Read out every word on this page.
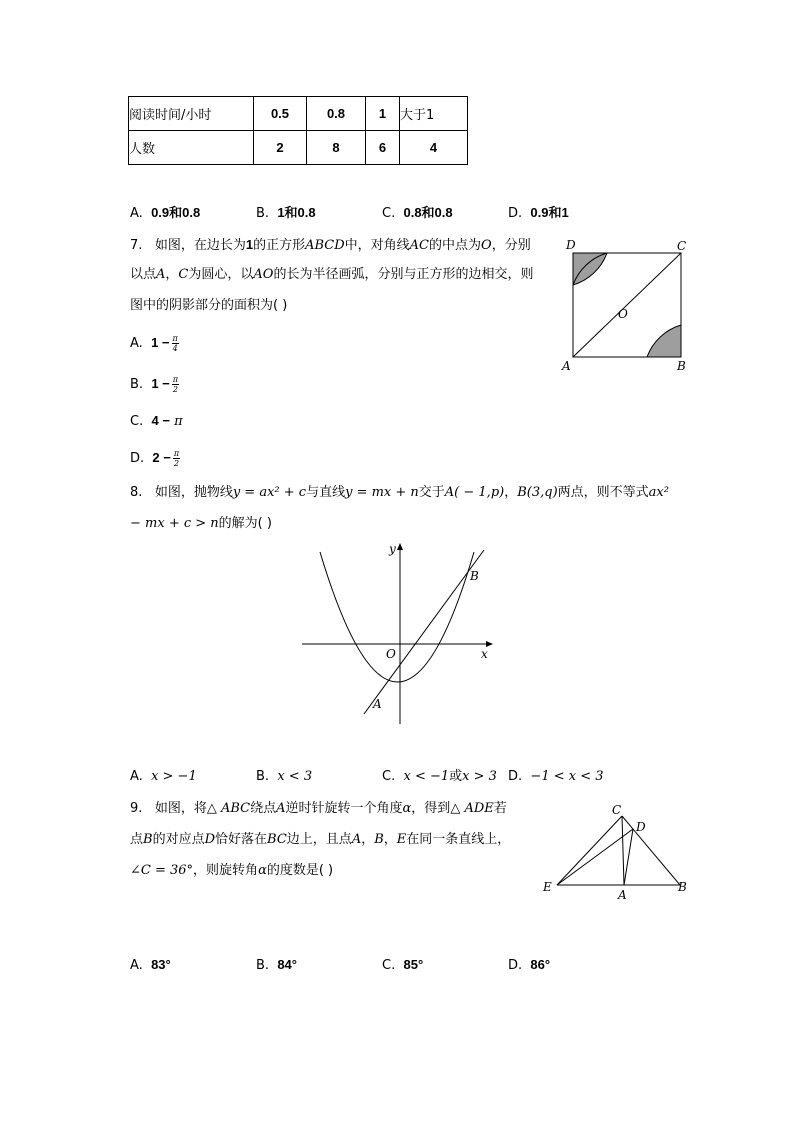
阅读时间/小时	0.5	0.8	1	大于1
人数	2	8	6	4
A. 0.9和0.8	B. 1和0.8	C. 0.8和0.8	D. 0.9和1
7. 如图，在边长为1的正方形ABCD中，对角线AC的中点为O，分别
以点A，C为圆心，以AO的长为半径画弧，分别与正方形的边相交，则
图中的阴影部分的面积为( )
A. $1 - \frac{\pi}{4}$
B. $1 - \frac{\pi}{2}$
C. 4 − π
D. $2 - \frac{\pi}{2}$
D	C
A	B
O
8. 如图，抛物线y = ax² + c与直线y = mx + n交于A( − 1,p)，B(3,q)两点，则不等式ax²
− mx + c > n的解为( )
y
x
O
A
B
A. x > −1	B. x < 3	C. x < −1或x > 3 D. −1 < x < 3
9. 如图，将△ ABC绕点A逆时针旋转一个角度α，得到△ ADE若
点B的对应点D恰好落在BC边上，且点A，B，E在同一条直线上，
∠C = 36°，则旋转角α的度数是( )
C
D
E
A
B
A. 83°	B. 84°	C. 85°	D. 86°
